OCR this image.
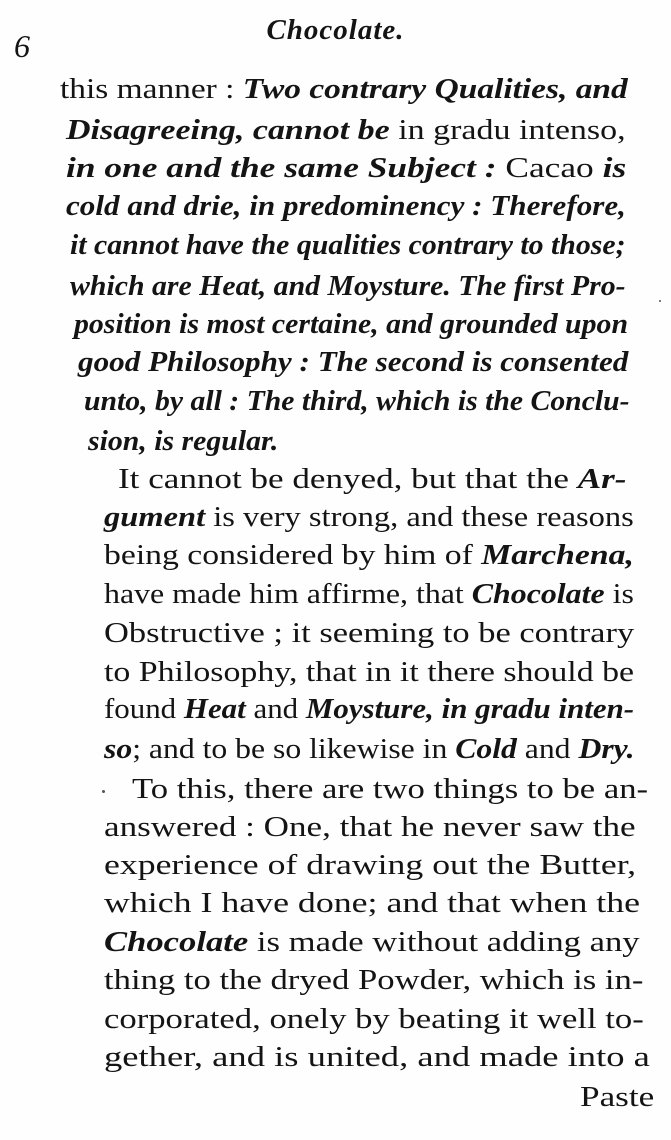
6	Chocolate.
this manner : Two contrary Qualities, and
Disagreeing, cannot be in gradu intenso,
in one and the same Subject : Cacao is
cold and drie, in predominency : Therefore,
it cannot have the qualities contrary to those;
which are Heat, and Moysture. The first Pro-
position is most certaine, and grounded upon
good Philosophy : The second is consented
unto, by all : The third, which is the Conclu-
sion, is regular.
It cannot be denyed, but that the Ar-
gument is very strong, and these reasons
being considered by him of Marchena,
have made him affirme, that Chocolate is
Obstructive ; it seeming to be contrary
to Philosophy, that in it there should be
found Heat and Moysture, in gradu inten-
so; and to be so likewise in Cold and Dry.
To this, there are two things to be an-
answered : One, that he never saw the
experience of drawing out the Butter,
which I have done; and that when the
Chocolate is made without adding any
thing to the dryed Powder, which is in-
corporated, onely by beating it well to-
gether, and is united, and made into a
Paste
